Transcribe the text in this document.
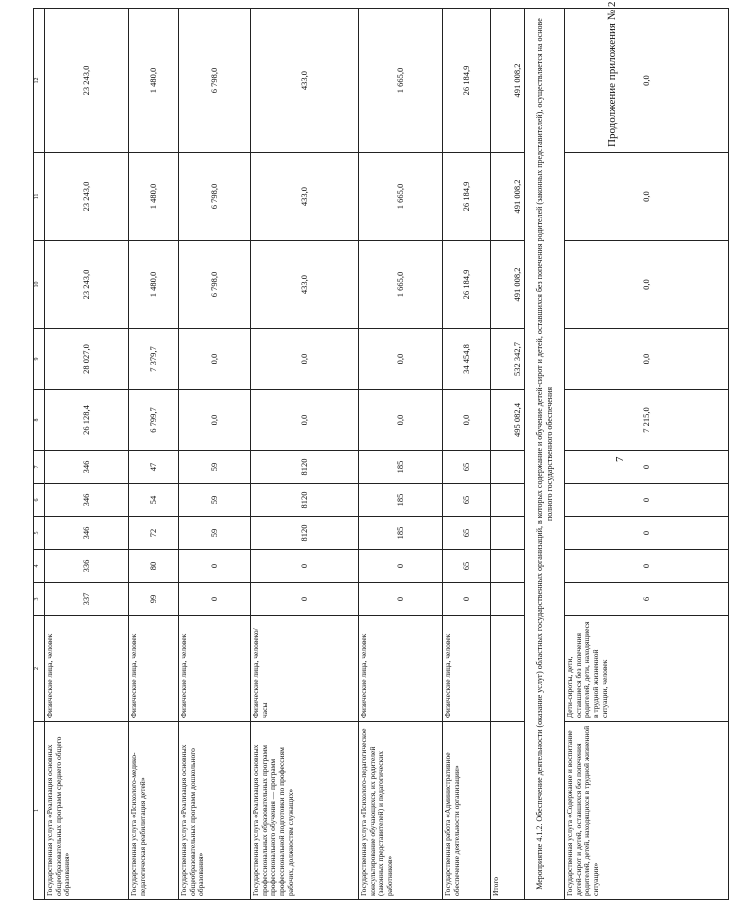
7
Продолжение приложения № 2
1	2	3	4	5	6	7	8	9	10	11	12
Государственная услуга «Реализация основных общеобразовательных программ среднего общего образования»	Физические лица, человек	337	336	346	346	346	26 128,4	28 027,0	23 243,0	23 243,0	23 243,0
Государственная услуга «Психолого-медико-педагогическая реабилитация детей»	Физические лица, человек	99	80	72	54	47	6 799,7	7 379,7	1 480,0	1 480,0	1 480,0
Государственная услуга «Реализация основных общеобразовательных программ дошкольного образования»	Физические лица, человек	0	0	59	59	59	0,0	0,0	6 798,0	6 798,0	6 798,0
Государственная услуга «Реализация основных профессиональных образовательных программ профессионального обучения — программ профессиональной подготовки по профессиям рабочих, должностям служащих»	Физические лица, человеко/часы	0	0	8120	8120	8120	0,0	0,0	433,0	433,0	433,0
Государственная услуга «Психолого-педагогическое консультирование обучающихся, их родителей (законных представителей) и педагогических работников»	Физические лица, человек	0	0	185	185	185	0,0	0,0	1 665,0	1 665,0	1 665,0
Государственная работа «Административное обеспечение деятельности организации»	Физические лица, человек	0	65	65	65	65	0,0	34 454,8	26 184,9	26 184,9	26 184,9
Итого							495 082,4	532 342,7	491 008,2	491 008,2	491 008,2
Мероприятие 4.1.2. Обеспечение деятельности (оказание услуг) областных государственных организаций, в которых содержание и обучение детей-сирот и детей, оставшихся без попечения родителей (законных представителей), осуществляется на основе полного государственного обеспечения											
Государственная услуга «Содержание и воспитание детей-сирот и детей, оставшихся без попечения родителей, детей, находящихся в трудной жизненной ситуации»	Дети-сироты, дети, оставшиеся без попечения родителей, дети, находящиеся в трудной жизненной ситуации, человек	6	0	0	0	0	7 215,0	0,0	0,0	0,0	0,0
